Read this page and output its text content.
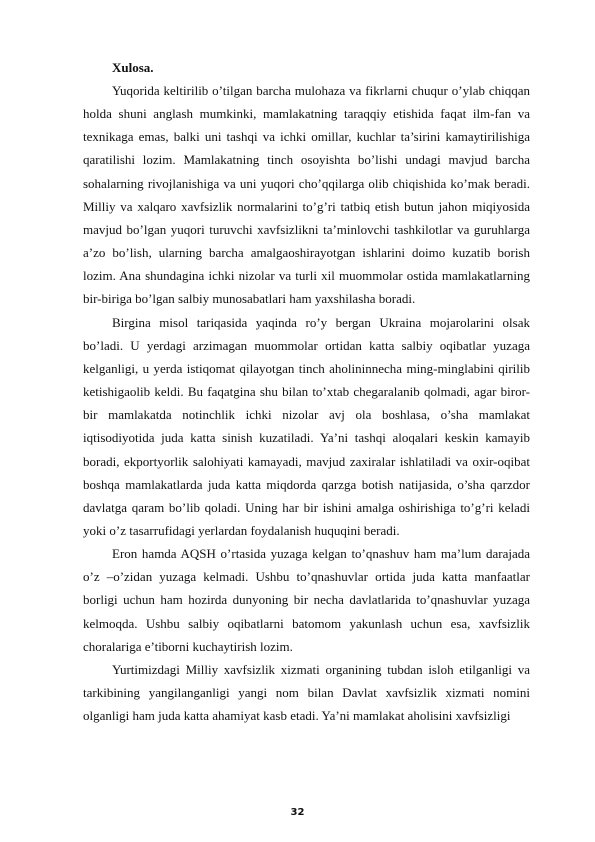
Xulosa.

Yuqorida keltirilib o’tilgan barcha mulohaza va fikrlarni chuqur o’ylab chiqqan holda shuni anglash mumkinki, mamlakatning taraqqiy etishida faqat ilm-fan va texnikaga emas, balki uni tashqi va ichki omillar, kuchlar ta’sirini kamaytirilishiga qaratilishi lozim. Mamlakatning tinch osoyishta bo’lishi undagi mavjud barcha sohalarning rivojlanishiga va uni yuqori cho’qqilarga olib chiqishida ko’mak beradi. Milliy va xalqaro xavfsizlik normalarini to’g’ri tatbiq etish butun jahon miqiyosida mavjud bo’lgan yuqori turuvchi xavfsizlikni ta’minlovchi tashkilotlar va guruhlarga a’zo bo’lish, ularning barcha amalgaoshirayotgan ishlarini doimo kuzatib borish lozim. Ana shundagina ichki nizolar va turli xil muommolar ostida mamlakatlarning bir-biriga bo’lgan salbiy munosabatlari ham yaxshilasha boradi.

Birgina misol tariqasida yaqinda ro’y bergan Ukraina mojarolarini olsak bo’ladi. U yerdagi arzimagan muommolar ortidan katta salbiy oqibatlar yuzaga kelganligi, u yerda istiqomat qilayotgan tinch aholininnecha ming-minglabini qirilib ketishigaolib keldi. Bu faqatgina shu bilan to’xtab chegaralanib qolmadi, agar biror-bir mamlakatda notinchlik ichki nizolar avj ola boshlasa, o’sha mamlakat iqtisodiyotida juda katta sinish kuzatiladi. Ya’ni tashqi aloqalari keskin kamayib boradi, ekportyorlik salohiyati kamayadi, mavjud zaxiralar ishlatiladi va oxir-oqibat boshqa mamlakatlarda juda katta miqdorda qarzga botish natijasida, o’sha qarzdor davlatga qaram bo’lib qoladi. Uning har bir ishini amalga oshirishiga to’g’ri keladi yoki o’z tasarrufidagi yerlardan foydalanish huquqini beradi.

Eron hamda AQSH o’rtasida yuzaga kelgan to’qnashuv ham ma’lum darajada o’z –o’zidan yuzaga kelmadi. Ushbu to’qnashuvlar ortida juda katta manfaatlar borligi uchun ham hozirda dunyoning bir necha davlatlarida to’qnashuvlar yuzaga kelmoqda. Ushbu salbiy oqibatlarni batomom yakunlash uchun esa, xavfsizlik choralariga e’tiborni kuchaytirish lozim.

Yurtimizdagi Milliy xavfsizlik xizmati organining tubdan isloh etilganligi va tarkibining yangilanganligi yangi nom bilan Davlat xavfsizlik xizmati nomini olganligi ham juda katta ahamiyat kasb etadi. Ya’ni mamlakat aholisini xavfsizligi

32
